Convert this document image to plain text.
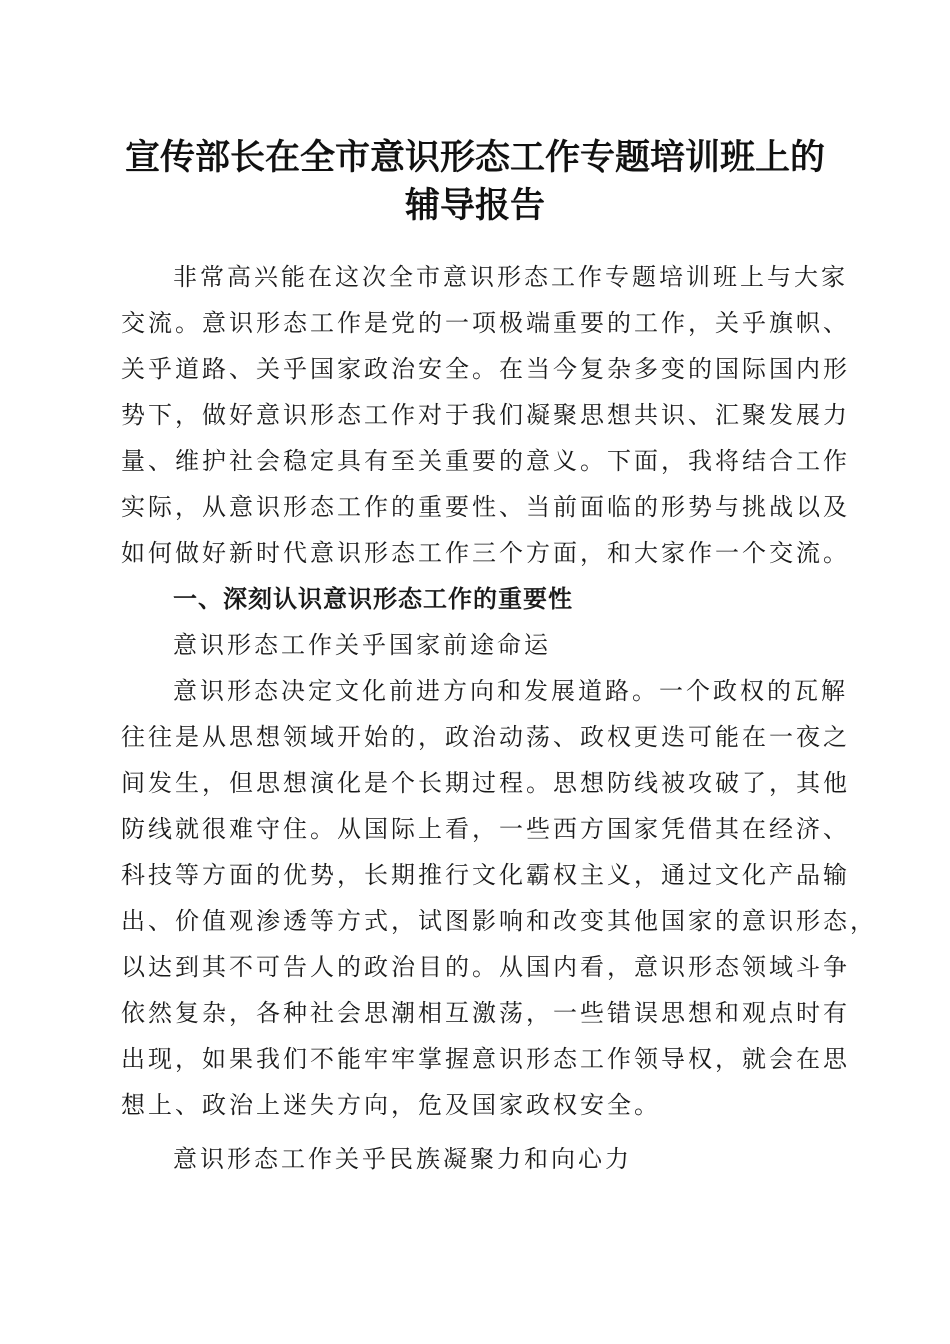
宣传部长在全市意识形态工作专题培训班上的
辅导报告
非常高兴能在这次全市意识形态工作专题培训班上与大家
交流。意识形态工作是党的一项极端重要的工作，关乎旗帜、
关乎道路、关乎国家政治安全。在当今复杂多变的国际国内形
势下，做好意识形态工作对于我们凝聚思想共识、汇聚发展力
量、维护社会稳定具有至关重要的意义。下面，我将结合工作
实际，从意识形态工作的重要性、当前面临的形势与挑战以及
如何做好新时代意识形态工作三个方面，和大家作一个交流。
一、深刻认识意识形态工作的重要性
意识形态工作关乎国家前途命运
意识形态决定文化前进方向和发展道路。一个政权的瓦解
往往是从思想领域开始的，政治动荡、政权更迭可能在一夜之
间发生，但思想演化是个长期过程。思想防线被攻破了，其他
防线就很难守住。从国际上看，一些西方国家凭借其在经济、
科技等方面的优势，长期推行文化霸权主义，通过文化产品输
出、价值观渗透等方式，试图影响和改变其他国家的意识形态，
以达到其不可告人的政治目的。从国内看，意识形态领域斗争
依然复杂，各种社会思潮相互激荡，一些错误思想和观点时有
出现，如果我们不能牢牢掌握意识形态工作领导权，就会在思
想上、政治上迷失方向，危及国家政权安全。
意识形态工作关乎民族凝聚力和向心力
